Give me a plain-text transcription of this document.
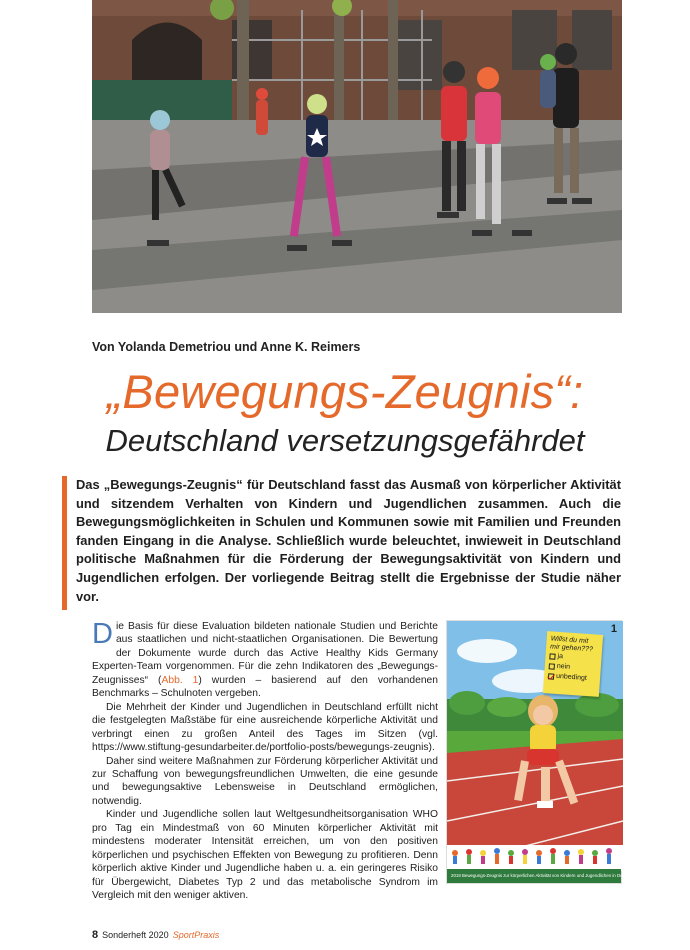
Von Yolanda Demetriou und Anne K. Reimers
„Bewegungs-Zeugnis“:
Deutschland versetzungsgefährdet
Das „Bewegungs-Zeugnis“ für Deutschland fasst das Ausmaß von körperlicher Aktivität und sitzendem Verhalten von Kindern und Jugendlichen zusammen. Auch die Bewegungsmöglichkeiten in Schulen und Kommunen sowie mit Familien und Freunden fanden Eingang in die Analyse. Schließlich wurde beleuchtet, inwieweit in Deutschland politische Maßnahmen für die Förderung der Bewegungsaktivität von Kindern und Jugendlichen erfolgen. Der vorliegende Beitrag stellt die Ergebnisse der Studie näher vor.

Die Basis für diese Evaluation bildeten nationale Studien und Berichte aus staatlichen und nicht-staatlichen Organisationen. Die Bewertung der Dokumente wurde durch das Active Healthy Kids Germany Experten-Team vorgenommen. Für die zehn Indikatoren des „Bewegungs-Zeugnisses“ (Abb. 1) wurden – basierend auf den vorhandenen Benchmarks – Schulnoten vergeben.

Die Mehrheit der Kinder und Jugendlichen in Deutschland erfüllt nicht die festgelegten Maßstäbe für eine ausreichende körperliche Aktivität und verbringt einen zu großen Anteil des Tages im Sitzen (vgl. https://www.stiftung-gesundarbeiter.de/portfolio-posts/bewegungs-zeugnis).

Daher sind weitere Maßnahmen zur Förderung körperlicher Aktivität und zur Schaffung von bewegungsfreundlichen Umwelten, die eine gesunde und bewegungsaktive Lebensweise in Deutschland ermöglichen, notwendig.

Kinder und Jugendliche sollen laut Weltgesundheitsorganisation WHO pro Tag ein Mindestmaß von 60 Minuten körperlicher Aktivität mit mindestens moderater Intensität erreichen, um von den positiven körperlichen und psychischen Effekten von Bewegung zu profitieren. Denn körperlich aktive Kinder und Jugendliche haben u. a. ein geringeres Risiko für Übergewicht, Diabetes Typ 2 und das metabolische Syndrom im Vergleich mit den weniger aktiven.

1
Willst du mit mir gehen???
ja
nein
unbedingt
2018 Bewegungs-Zeugnis zur körperlichen Aktivität von Kindern und Jugendlichen in Deutschland
8 Sonderheft 2020 SportPraxis
